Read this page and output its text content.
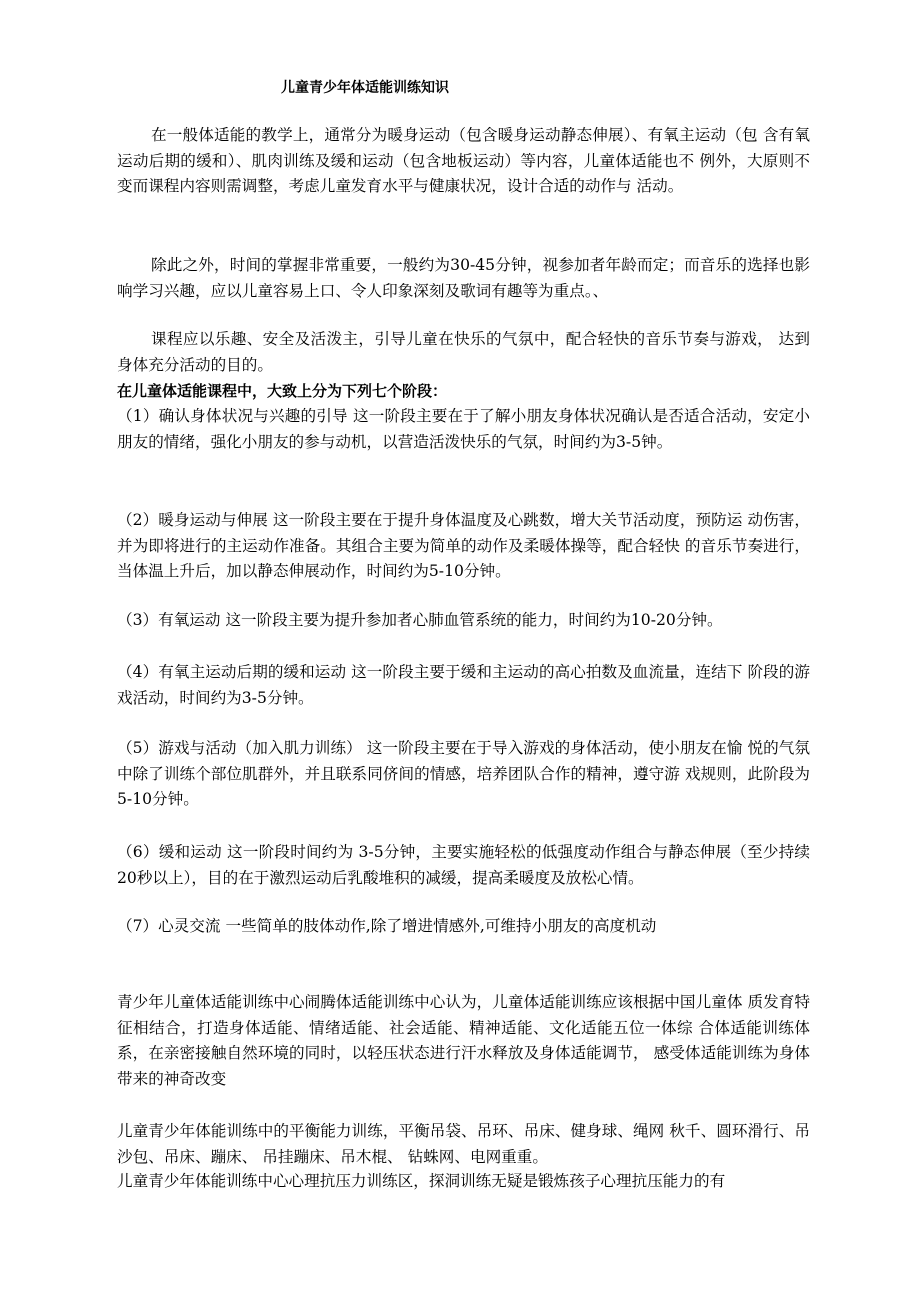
儿童青少年体适能训练知识

在一般体适能的教学上，通常分为暖身运动（包含暖身运动静态伸展）、有氧主运动（包 含有氧运动后期的缓和）、肌肉训练及缓和运动（包含地板运动）等内容，儿童体适能也不 例外，大原则不变而课程内容则需调整，考虑儿童发育水平与健康状况，设计合适的动作与 活动。

除此之外，时间的掌握非常重要，一般约为30-45分钟，视参加者年龄而定；而音乐的选择也影响学习兴趣，应以儿童容易上口、令人印象深刻及歌词有趣等为重点。、

课程应以乐趣、安全及活泼主，引导儿童在快乐的气氛中，配合轻快的音乐节奏与游戏， 达到身体充分活动的目的。

在儿童体适能课程中，大致上分为下列七个阶段：

（1）确认身体状况与兴趣的引导 这一阶段主要在于了解小朋友身体状况确认是否适合活动，安定小朋友的情绪，强化小朋友的参与动机，以营造活泼快乐的气氛，时间约为3-5钟。

（2）暖身运动与伸展 这一阶段主要在于提升身体温度及心跳数，增大关节活动度，预防运 动伤害，并为即将进行的主运动作准备。其组合主要为简单的动作及柔暖体操等，配合轻快 的音乐节奏进行，当体温上升后，加以静态伸展动作，时间约为5-10分钟。

（3）有氧运动 这一阶段主要为提升参加者心肺血管系统的能力，时间约为10-20分钟。

（4）有氧主运动后期的缓和运动 这一阶段主要于缓和主运动的高心拍数及血流量，连结下 阶段的游戏活动，时间约为3-5分钟。

（5）游戏与活动（加入肌力训练） 这一阶段主要在于导入游戏的身体活动，使小朋友在愉 悦的气氛中除了训练个部位肌群外，并且联系同侪间的情感，培养团队合作的精神，遵守游 戏规则，此阶段为5-10分钟。

（6）缓和运动 这一阶段时间约为 3-5分钟，主要实施轻松的低强度动作组合与静态伸展（至少持续20秒以上），目的在于激烈运动后乳酸堆积的减缓，提高柔暖度及放松心情。

（7）心灵交流 一些简单的肢体动作,除了增进情感外,可维持小朋友的高度机动

青少年儿童体适能训练中心闹腾体适能训练中心认为，儿童体适能训练应该根据中国儿童体 质发育特征相结合，打造身体适能、情绪适能、社会适能、精神适能、文化适能五位一体综 合体适能训练体系，在亲密接触自然环境的同时，以轻压状态进行汗水释放及身体适能调节， 感受体适能训练为身体带来的神奇改变

儿童青少年体能训练中的平衡能力训练，平衡吊袋、吊环、吊床、健身球、绳网 秋千、圆环滑行、吊沙包、吊床、蹦床、 吊挂蹦床、吊木棍、 钻蛛网、电网重重。

儿童青少年体能训练中心心理抗压力训练区，探洞训练无疑是锻炼孩子心理抗压能力的有
